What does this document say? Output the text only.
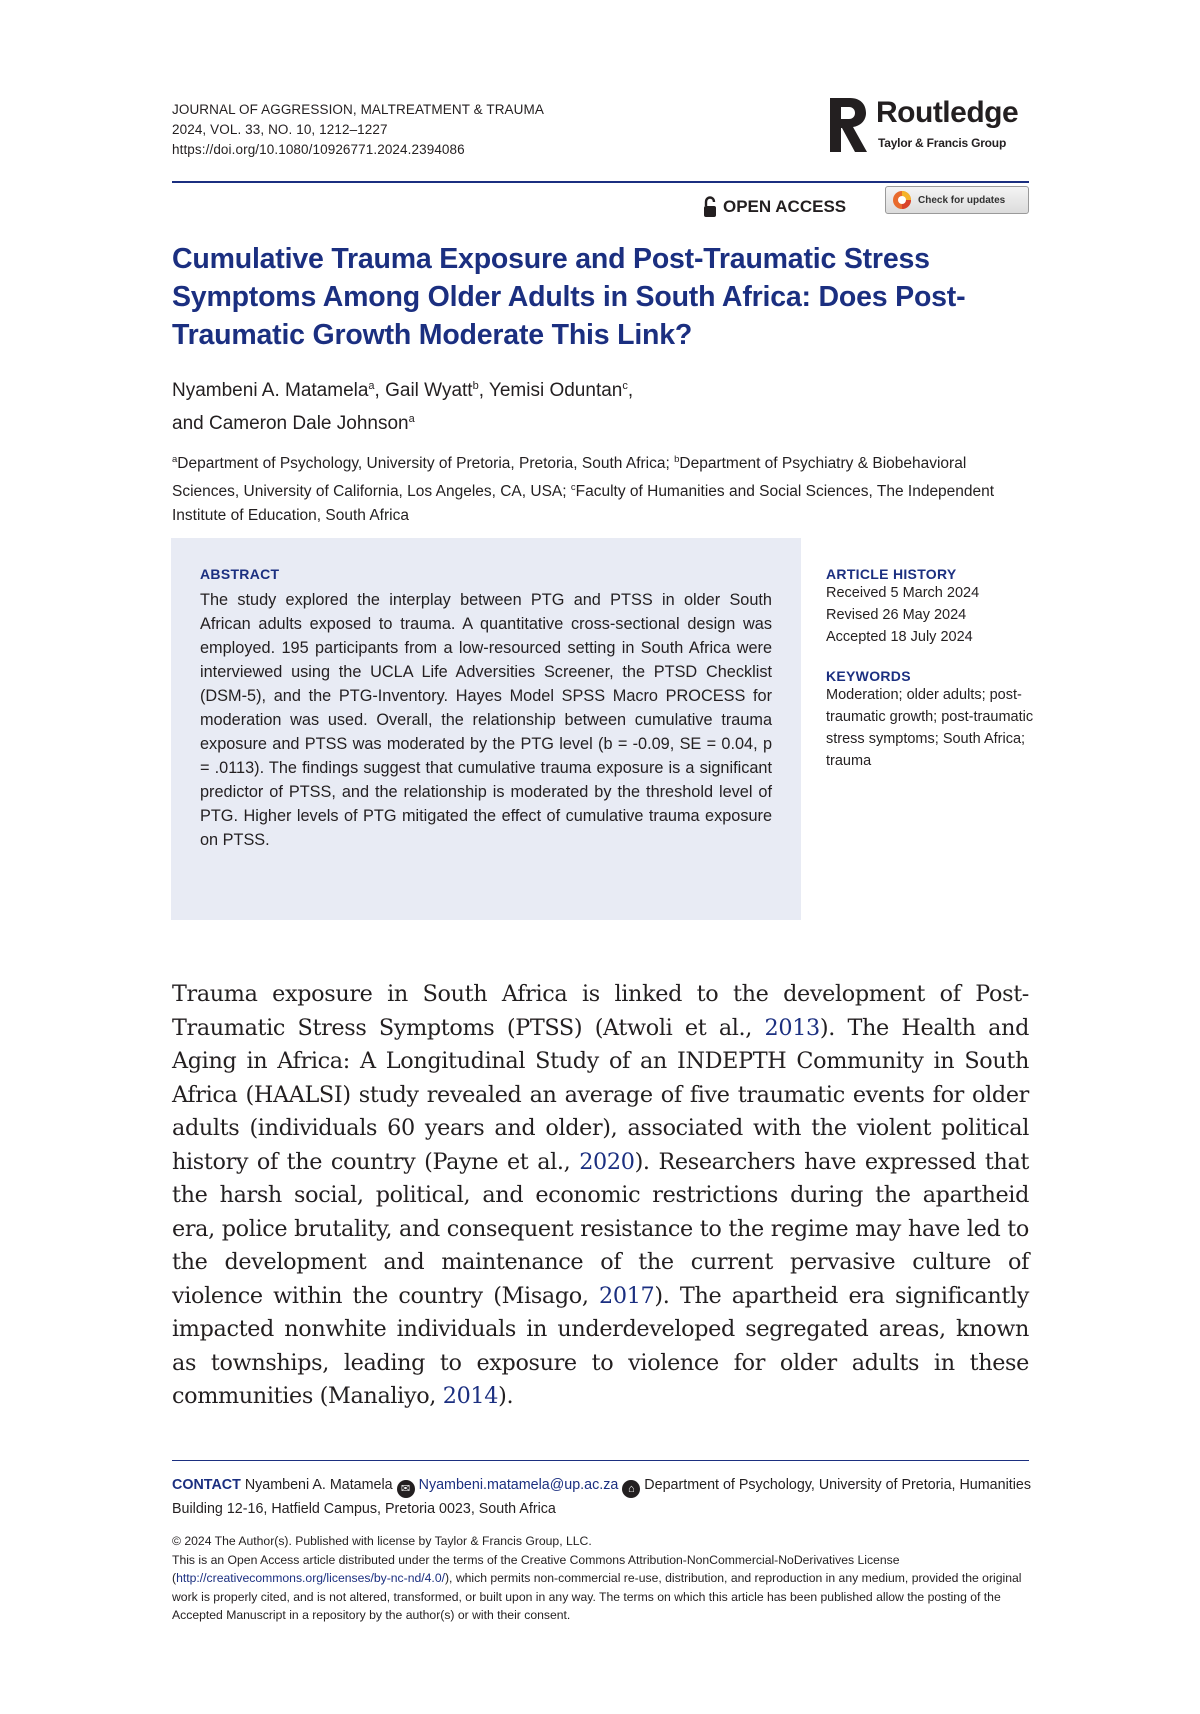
JOURNAL OF AGGRESSION, MALTREATMENT & TRAUMA
2024, VOL. 33, NO. 10, 1212–1227
https://doi.org/10.1080/10926771.2024.2394086
Routledge
Taylor & Francis Group
OPEN ACCESS	Check for updates
Cumulative Trauma Exposure and Post-Traumatic Stress Symptoms Among Older Adults in South Africa: Does Post-Traumatic Growth Moderate This Link?
Nyambeni A. Matamela$^a$, Gail Wyatt$^b$, Yemisi Oduntan$^c$,
and Cameron Dale Johnson$^a$
$^a$Department of Psychology, University of Pretoria, Pretoria, South Africa; $^b$Department of Psychiatry & Biobehavioral Sciences, University of California, Los Angeles, CA, USA; $^c$Faculty of Humanities and Social Sciences, The Independent Institute of Education, South Africa
ABSTRACT
The study explored the interplay between PTG and PTSS in older South African adults exposed to trauma. A quantitative cross-sectional design was employed. 195 participants from a low-resourced setting in South Africa were interviewed using the UCLA Life Adversities Screener, the PTSD Checklist (DSM-5), and the PTG-Inventory. Hayes Model SPSS Macro PROCESS for moderation was used. Overall, the relationship between cumulative trauma exposure and PTSS was moderated by the PTG level (b = -0.09, SE = 0.04, p = .0113). The findings suggest that cumulative trauma exposure is a significant predictor of PTSS, and the relationship is moderated by the threshold level of PTG. Higher levels of PTG mitigated the effect of cumulative trauma exposure on PTSS.
ARTICLE HISTORY
Received 5 March 2024
Revised 26 May 2024
Accepted 18 July 2024
KEYWORDS
Moderation; older adults; post-traumatic growth; post-traumatic stress symptoms; South Africa; trauma
Trauma exposure in South Africa is linked to the development of Post-Traumatic Stress Symptoms (PTSS) (Atwoli et al., 2013). The Health and Aging in Africa: A Longitudinal Study of an INDEPTH Community in South Africa (HAALSI) study revealed an average of five traumatic events for older adults (individuals 60 years and older), associated with the violent political history of the country (Payne et al., 2020). Researchers have expressed that the harsh social, political, and economic restrictions during the apartheid era, police brutality, and consequent resistance to the regime may have led to the development and maintenance of the current pervasive culture of violence within the country (Misago, 2017). The apartheid era significantly impacted nonwhite individuals in underdeveloped segregated areas, known as townships, leading to exposure to violence for older adults in these communities (Manaliyo, 2014).
CONTACT Nyambeni A. Matamela ✉ Nyambeni.matamela@up.ac.za ⌂ Department of Psychology, University of Pretoria, Humanities Building 12-16, Hatfield Campus, Pretoria 0023, South Africa
© 2024 The Author(s). Published with license by Taylor & Francis Group, LLC.
This is an Open Access article distributed under the terms of the Creative Commons Attribution-NonCommercial-NoDerivatives License (http://creativecommons.org/licenses/by-nc-nd/4.0/), which permits non-commercial re-use, distribution, and reproduction in any medium, provided the original work is properly cited, and is not altered, transformed, or built upon in any way. The terms on which this article has been published allow the posting of the Accepted Manuscript in a repository by the author(s) or with their consent.
